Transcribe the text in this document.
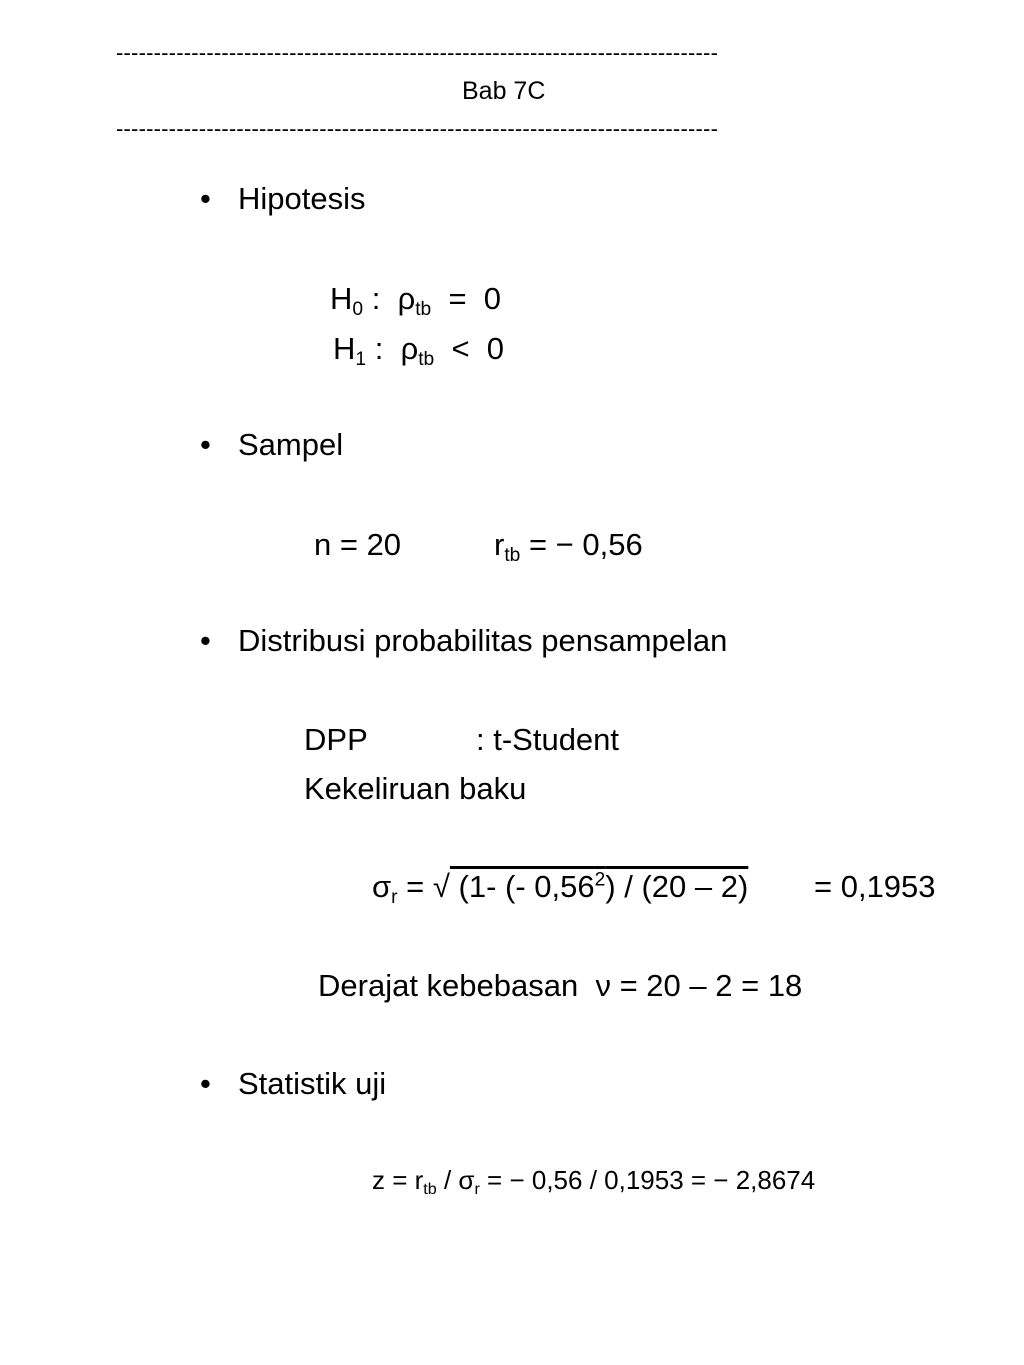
--------------------------------------------------------------------------------
Bab 7C
--------------------------------------------------------------------------------
• Hipotesis
$H_0$ : $\rho_{tb} = 0$
$H_1$ : $\rho_{tb} < 0$
• Sampel
n = 20	$r_{tb}$ = − 0,56
• Distribusi probabilitas pensampelan
DPP	: t-Student
Kekeliruan baku
$\sigma_r$ = √ (1- (- 0,56$^2$) / (20 – 2) = 0,1953
Derajat kebebasan ν = 20 – 2 = 18
• Statistik uji
$z = r_{tb} / \sigma_r$ = − 0,56 / 0,1953 = − 2,8674
